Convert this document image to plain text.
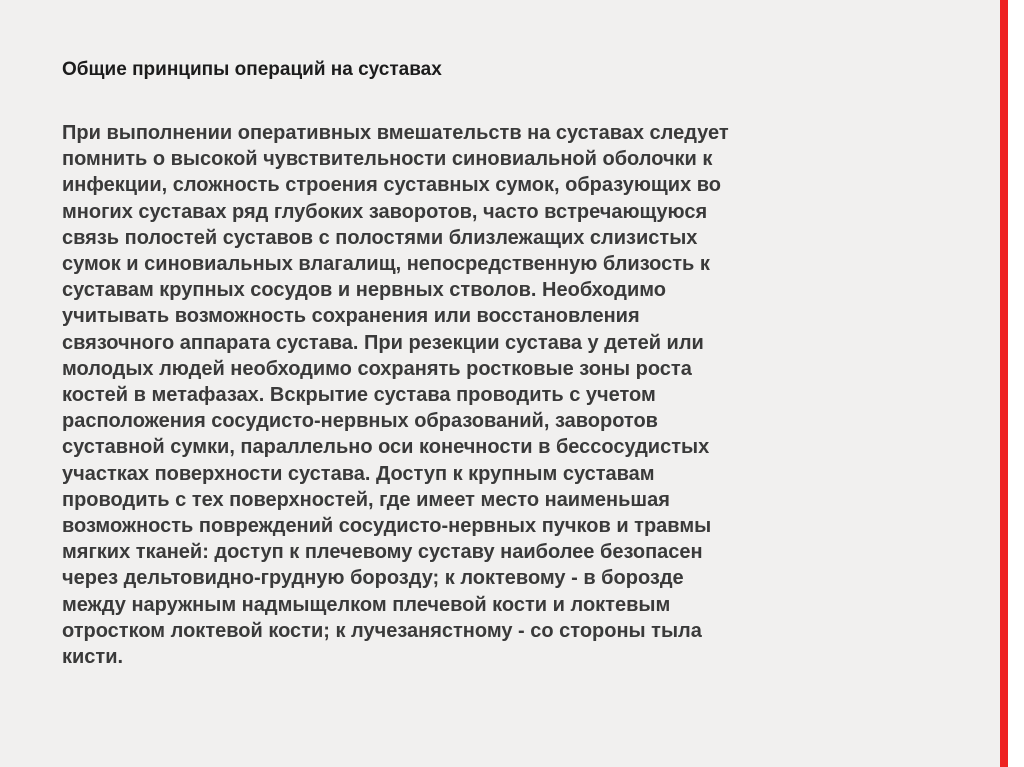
Общие принципы операций на суставах

При выполнении оперативных вмешательств на суставах следует
помнить о высокой чувствительности синовиальной оболочки к
инфекции, сложность строения суставных сумок, образующих во
многих суставах ряд глубоких заворотов, часто встречающуюся
связь полостей суставов с полостями близлежащих слизистых
сумок и синовиальных влагалищ, непосредственную близость к
суставам крупных сосудов и нервных стволов. Необходимо
учитывать возможность сохранения или восстановления
связочного аппарата сустава. При резекции сустава у детей или
молодых людей необходимо сохранять ростковые зоны роста
костей в метафазах. Вскрытие сустава проводить с учетом
расположения сосудисто-нервных образований, заворотов
суставной сумки, параллельно оси конечности в бессосудистых
участках поверхности сустава. Доступ к крупным суставам
проводить с тех поверхностей, где имеет место наименьшая
возможность повреждений сосудисто-нервных пучков и травмы
мягких тканей: доступ к плечевому суставу наиболее безопасен
через дельтовидно-грудную борозду; к локтевому - в борозде
между наружным надмыщелком плечевой кости и локтевым
отростком локтевой кости; к лучезанястному - со стороны тыла
кисти.
